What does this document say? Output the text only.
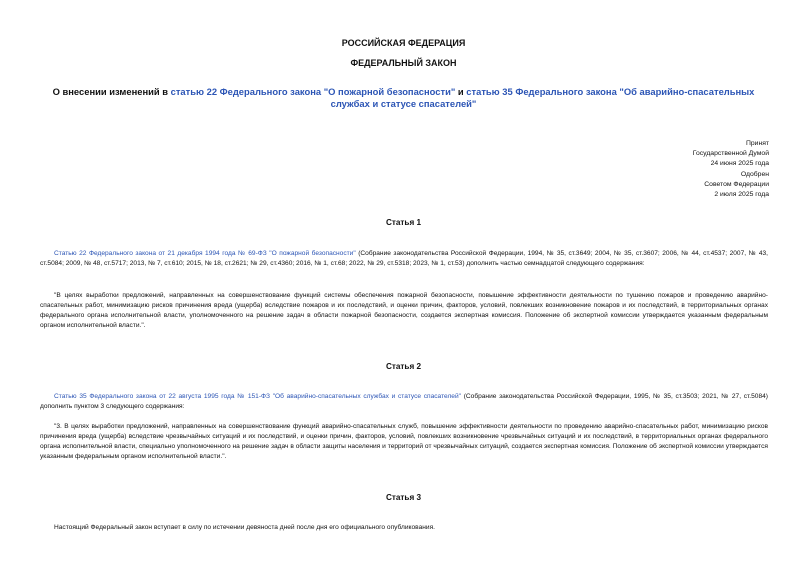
РОССИЙСКАЯ ФЕДЕРАЦИЯ
ФЕДЕРАЛЬНЫЙ ЗАКОН
О внесении изменений в статью 22 Федерального закона "О пожарной безопасности" и статью 35 Федерального закона "Об аварийно-спасательных службах и статусе спасателей"
Принят
Государственной Думой
24 июня 2025 года
Одобрен
Советом Федерации
2 июля 2025 года
Статья 1
Статью 22 Федерального закона от 21 декабря 1994 года № 69-ФЗ "О пожарной безопасности" (Собрание законодательства Российской Федерации, 1994, № 35, ст.3649; 2004, № 35, ст.3607; 2006, № 44, ст.4537; 2007, № 43, ст.5084; 2009, № 48, ст.5717; 2013, № 7, ст.610; 2015, № 18, ст.2621; № 29, ст.4360; 2016, № 1, ст.68; 2022, № 29, ст.5318; 2023, № 1, ст.53) дополнить частью семнадцатой следующего содержания:
"В целях выработки предложений, направленных на совершенствование функций системы обеспечения пожарной безопасности, повышение эффективности деятельности по тушению пожаров и проведению аварийно-спасательных работ, минимизацию рисков причинения вреда (ущерба) вследствие пожаров и их последствий, и оценки причин, факторов, условий, повлекших возникновение пожаров и их последствий, в территориальных органах федерального органа исполнительной власти, уполномоченного на решение задач в области пожарной безопасности, создается экспертная комиссия. Положение об экспертной комиссии утверждается указанным федеральным органом исполнительной власти.".
Статья 2
Статью 35 Федерального закона от 22 августа 1995 года № 151-ФЗ "Об аварийно-спасательных службах и статусе спасателей" (Собрание законодательства Российской Федерации, 1995, № 35, ст.3503; 2021, № 27, ст.5084) дополнить пунктом 3 следующего содержания:
"3. В целях выработки предложений, направленных на совершенствование функций аварийно-спасательных служб, повышение эффективности деятельности по проведению аварийно-спасательных работ, минимизацию рисков причинения вреда (ущерба) вследствие чрезвычайных ситуаций и их последствий, и оценки причин, факторов, условий, повлекших возникновение чрезвычайных ситуаций и их последствий, в территориальных органах федерального органа исполнительной власти, специально уполномоченного на решение задач в области защиты населения и территорий от чрезвычайных ситуаций, создается экспертная комиссия. Положение об экспертной комиссии утверждается указанным федеральным органом исполнительной власти.".
Статья 3
Настоящий Федеральный закон вступает в силу по истечении девяноста дней после дня его официального опубликования.
